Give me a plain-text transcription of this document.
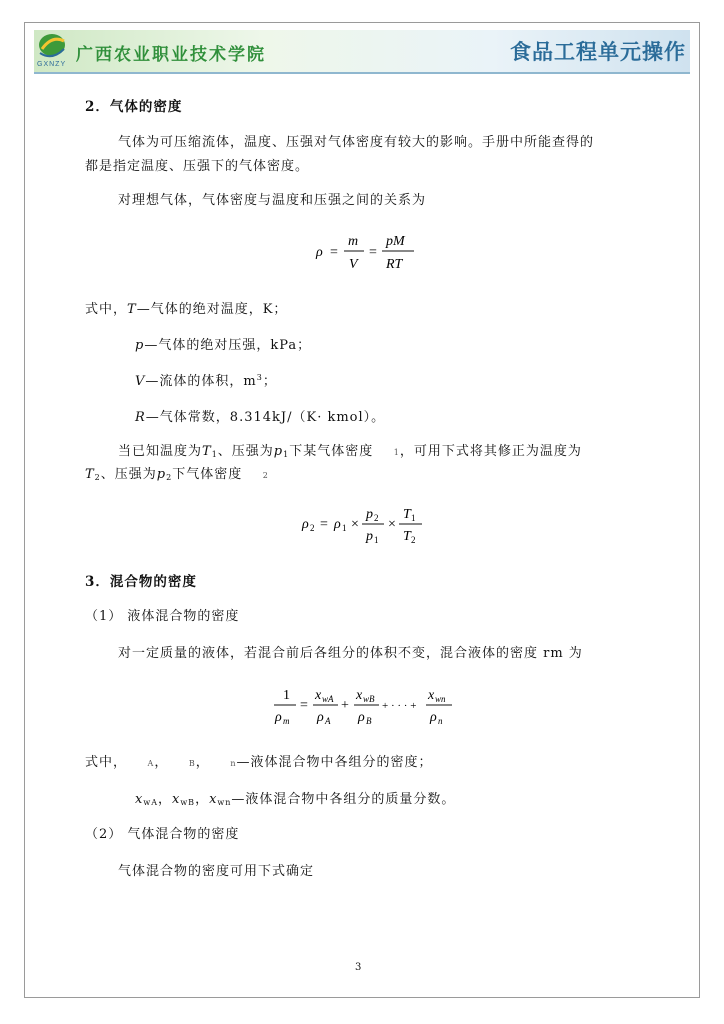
GXNZY
广西农业职业技术学院	食品工程单元操作
2．气体的密度
气体为可压缩流体，温度、压强对气体密度有较大的影响。手册中所能查得的
都是指定温度、压强下的气体密度。
对理想气体，气体密度与温度和压强之间的关系为
ρ =
m
V
=
pM
RT
式中，T—气体的绝对温度，K；
p—气体的绝对压强，kPa；
V—流体的体积，$m^3$；
R—气体常数，8.314kJ/（K· kmol）。
当已知温度为$T_1$、压强为$p_1$下某气体密度	1，可用下式将其修正为温度为
$T_2$、压强为$p_2$下气体密度	2
ρ 2 = ρ 1 ×
p 2
p 1
×
T 1
T 2
3．混合物的密度
（1） 液体混合物的密度
对一定质量的液体，若混合前后各组分的体积不变，混合液体的密度 rm 为
1
ρ m
=
x wA
ρ A
+
x wB
ρ B
+ · · · +
x wn
ρ n
式中，	A，	B，	n—液体混合物中各组分的密度；
$x_{wA}$，$x_{wB}$，$x_{wn}—$液体混合物中各组分的质量分数。
（2） 气体混合物的密度
气体混合物的密度可用下式确定
3
